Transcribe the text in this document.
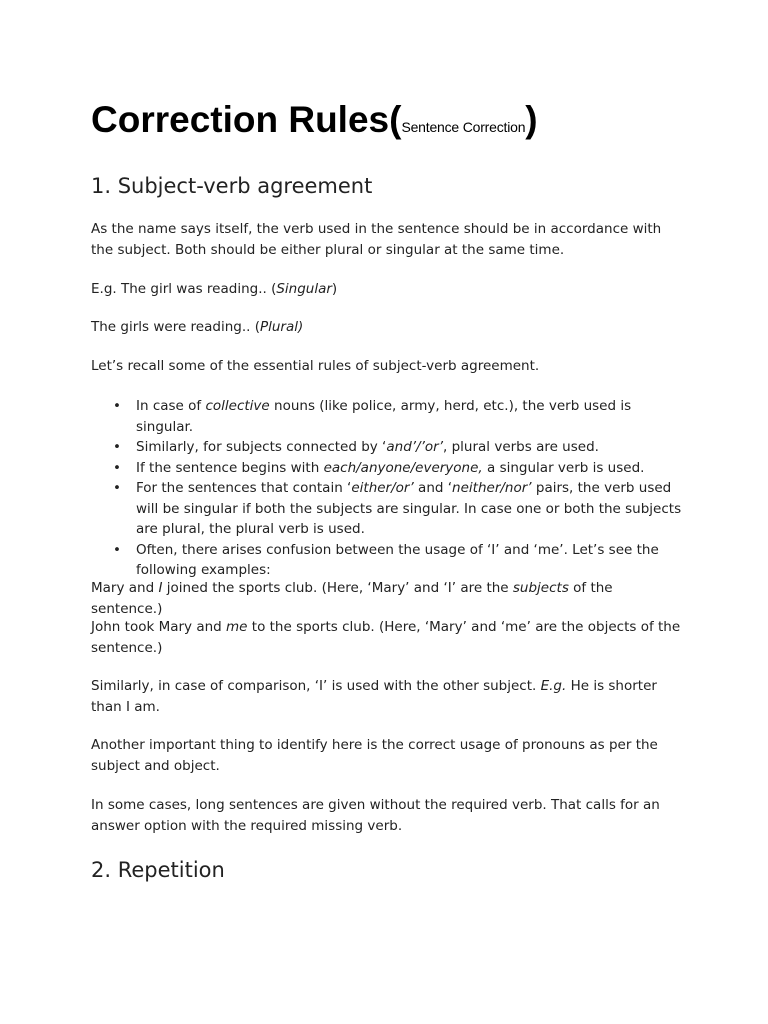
Correction Rules(Sentence Correction)
1. Subject-verb agreement

As the name says itself, the verb used in the sentence should be in accordance with the subject. Both should be either plural or singular at the same time.

E.g. The girl was reading.. (Singular)

The girls were reading.. (Plural)

Let’s recall some of the essential rules of subject-verb agreement.

• In case of collective nouns (like police, army, herd, etc.), the verb used is singular.
• Similarly, for subjects connected by ‘and’/’or’, plural verbs are used.
• If the sentence begins with each/anyone/everyone, a singular verb is used.
• For the sentences that contain ‘either/or’ and ‘neither/nor’ pairs, the verb used will be singular if both the subjects are singular. In case one or both the subjects are plural, the plural verb is used.
• Often, there arises confusion between the usage of ‘I’ and ‘me’. Let’s see the following examples:

Mary and I joined the sports club. (Here, ‘Mary’ and ‘I’ are the subjects of the sentence.)

John took Mary and me to the sports club. (Here, ‘Mary’ and ‘me’ are the objects of the sentence.)

Similarly, in case of comparison, ‘I’ is used with the other subject. E.g. He is shorter than I am.

Another important thing to identify here is the correct usage of pronouns as per the subject and object.

In some cases, long sentences are given without the required verb. That calls for an answer option with the required missing verb.

2. Repetition
